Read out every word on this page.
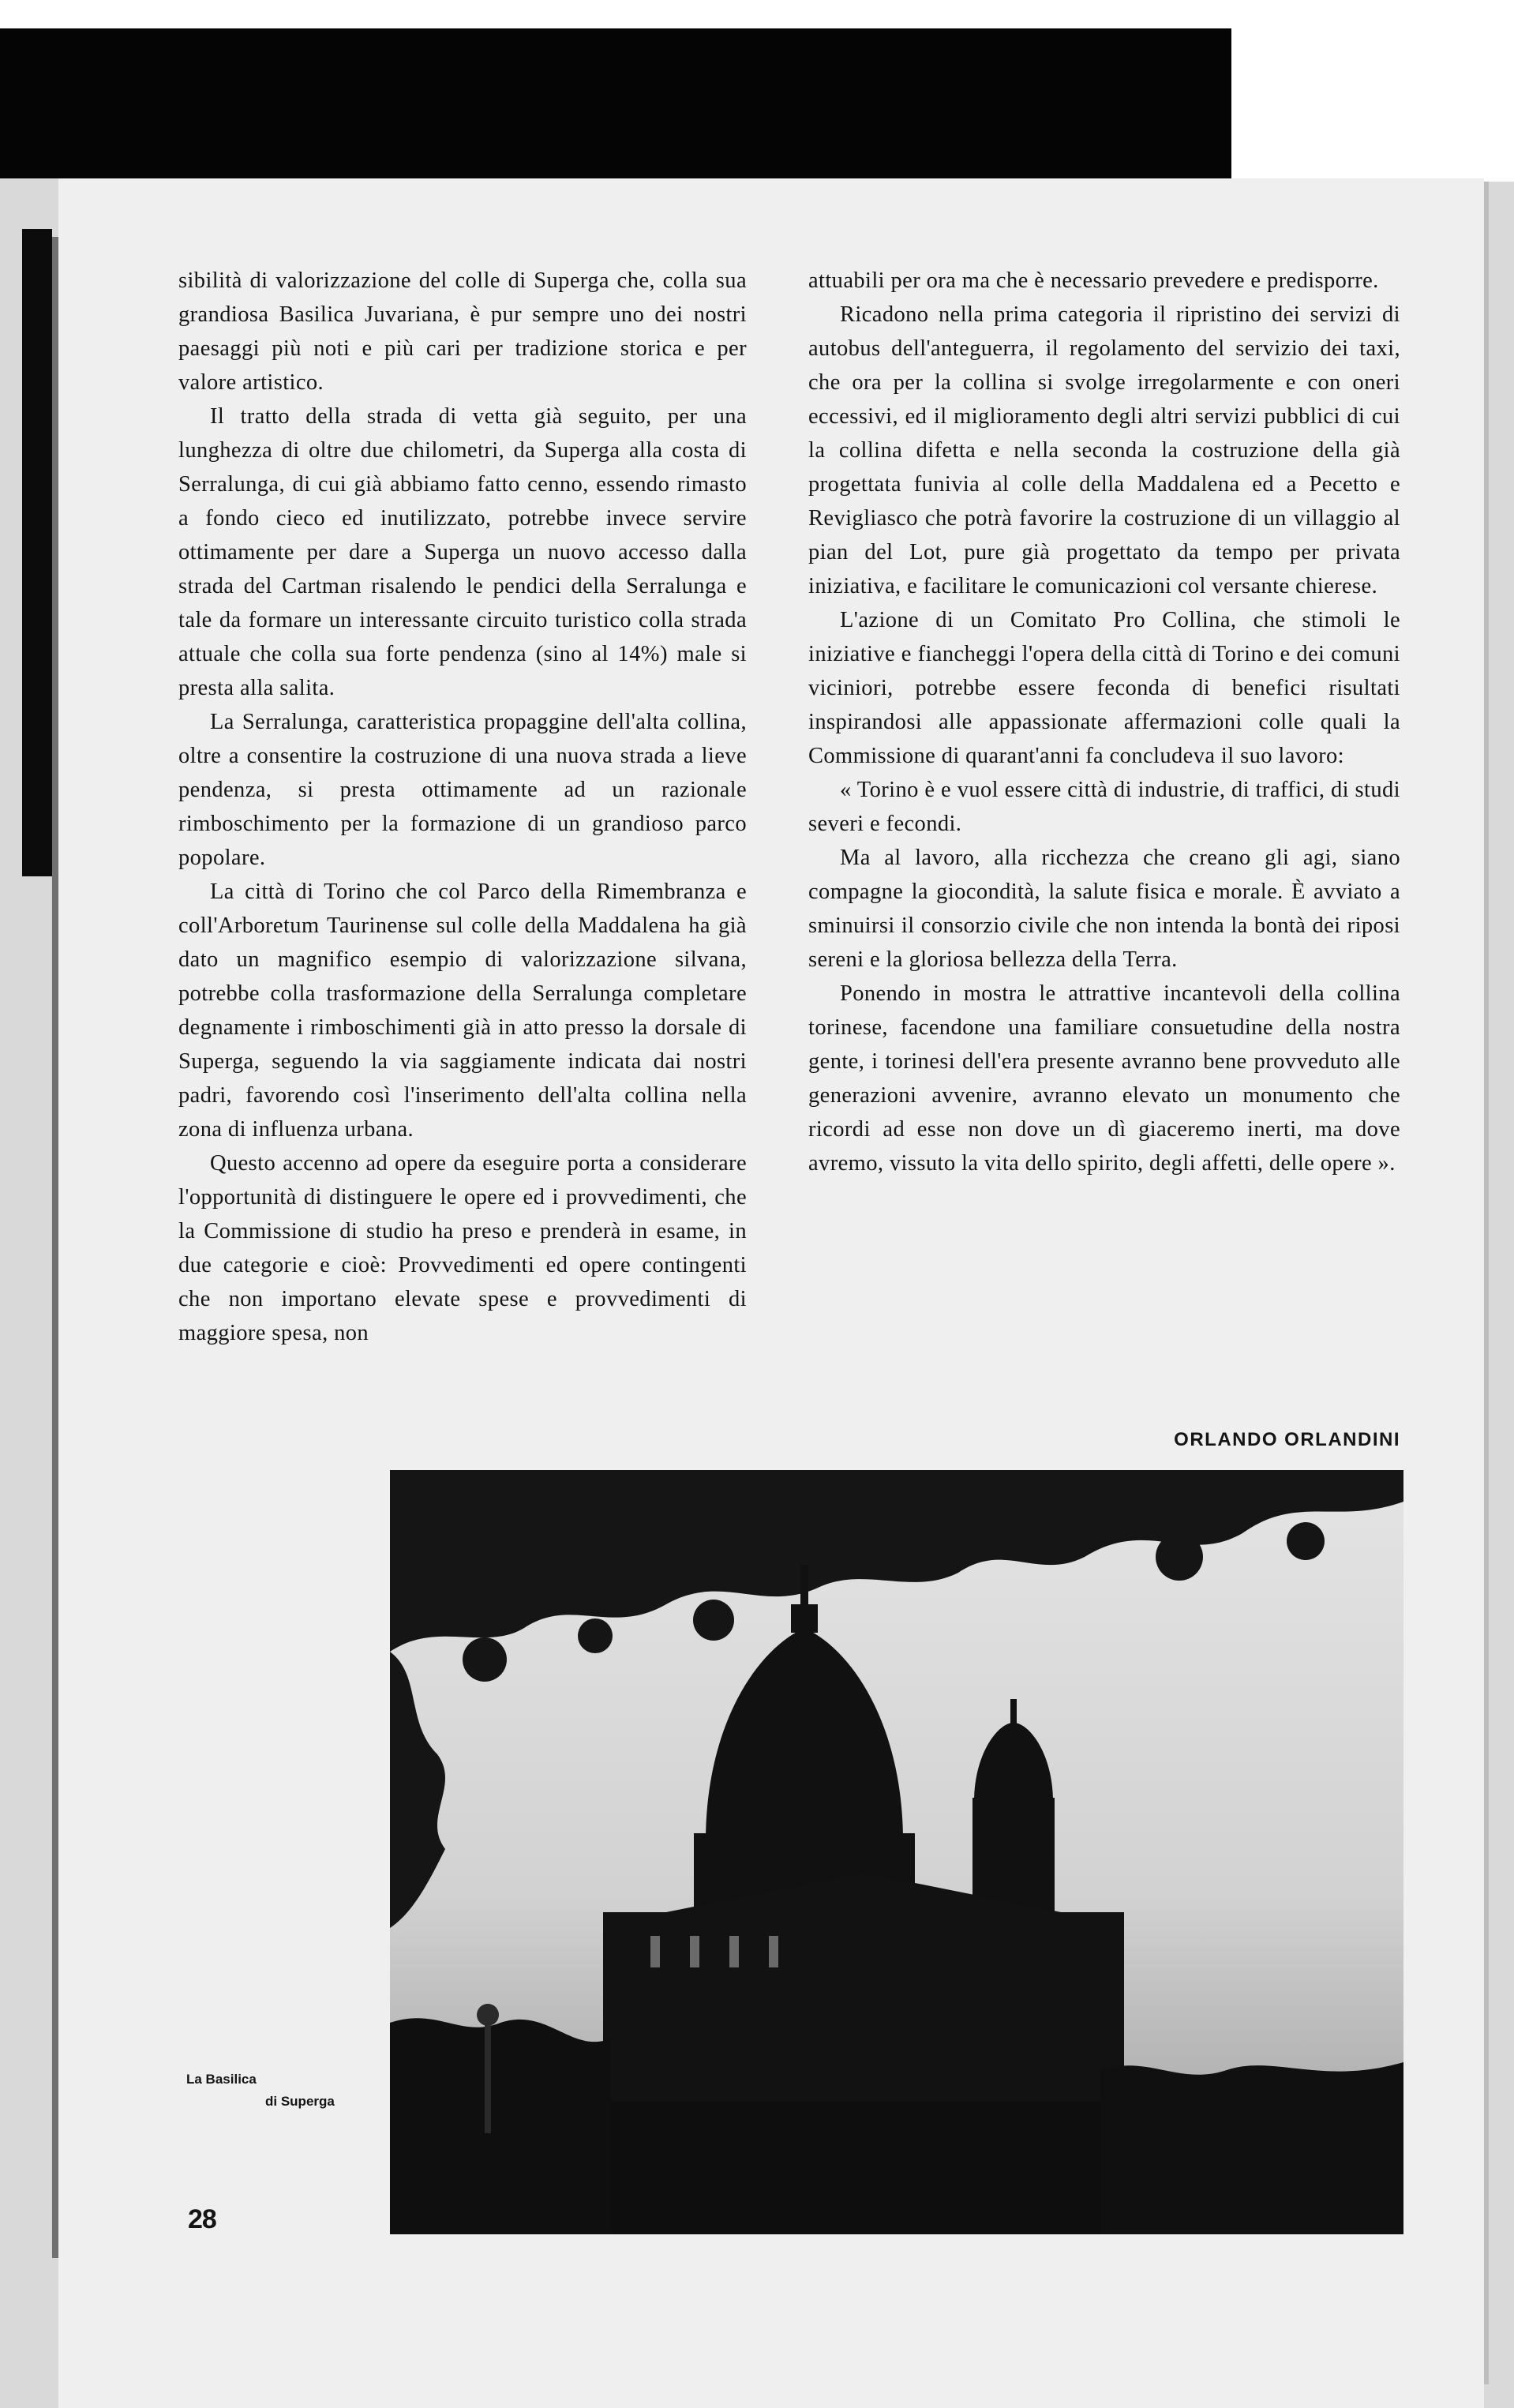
sibilità di valorizzazione del colle di Superga che, colla sua grandiosa Basilica Juvariana, è pur sempre uno dei nostri paesaggi più noti e più cari per tradizione storica e per valore artistico.

Il tratto della strada di vetta già seguito, per una lunghezza di oltre due chilometri, da Superga alla costa di Serralunga, di cui già abbiamo fatto cenno, essendo rimasto a fondo cieco ed inutilizzato, potrebbe invece servire ottimamente per dare a Superga un nuovo accesso dalla strada del Cartman risalendo le pendici della Serralunga e tale da formare un interessante circuito turistico colla strada attuale che colla sua forte pendenza (sino al 14%) male si presta alla salita.

La Serralunga, caratteristica propaggine dell'alta collina, oltre a consentire la costruzione di una nuova strada a lieve pendenza, si presta ottimamente ad un razionale rimboschimento per la formazione di un grandioso parco popolare.

La città di Torino che col Parco della Rimembranza e coll'Arboretum Taurinense sul colle della Maddalena ha già dato un magnifico esempio di valorizzazione silvana, potrebbe colla trasformazione della Serralunga completare degnamente i rimboschimenti già in atto presso la dorsale di Superga, seguendo la via saggiamente indicata dai nostri padri, favorendo così l'inserimento dell'alta collina nella zona di influenza urbana.

Questo accenno ad opere da eseguire porta a considerare l'opportunità di distinguere le opere ed i provvedimenti, che la Commissione di studio ha preso e prenderà in esame, in due categorie e cioè: Provvedimenti ed opere contingenti che non importano elevate spese e provvedimenti di maggiore spesa, non

attuabili per ora ma che è necessario prevedere e predisporre.

Ricadono nella prima categoria il ripristino dei servizi di autobus dell'anteguerra, il regolamento del servizio dei taxi, che ora per la collina si svolge irregolarmente e con oneri eccessivi, ed il miglioramento degli altri servizi pubblici di cui la collina difetta e nella seconda la costruzione della già progettata funivia al colle della Maddalena ed a Pecetto e Revigliasco che potrà favorire la costruzione di un villaggio al pian del Lot, pure già progettato da tempo per privata iniziativa, e facilitare le comunicazioni col versante chierese.

L'azione di un Comitato Pro Collina, che stimoli le iniziative e fiancheggi l'opera della città di Torino e dei comuni viciniori, potrebbe essere feconda di benefici risultati inspirandosi alle appassionate affermazioni colle quali la Commissione di quarant'anni fa concludeva il suo lavoro:

« Torino è e vuol essere città di industrie, di traffici, di studi severi e fecondi.

Ma al lavoro, alla ricchezza che creano gli agi, siano compagne la giocondità, la salute fisica e morale. È avviato a sminuirsi il consorzio civile che non intenda la bontà dei riposi sereni e la gloriosa bellezza della Terra.

Ponendo in mostra le attrattive incantevoli della collina torinese, facendone una familiare consuetudine della nostra gente, i torinesi dell'era presente avranno bene provveduto alle generazioni avvenire, avranno elevato un monumento che ricordi ad esse non dove un dì giaceremo inerti, ma dove avremo, vissuto la vita dello spirito, degli affetti, delle opere ».

ORLANDO ORLANDINI
La Basilica
di Superga
28
